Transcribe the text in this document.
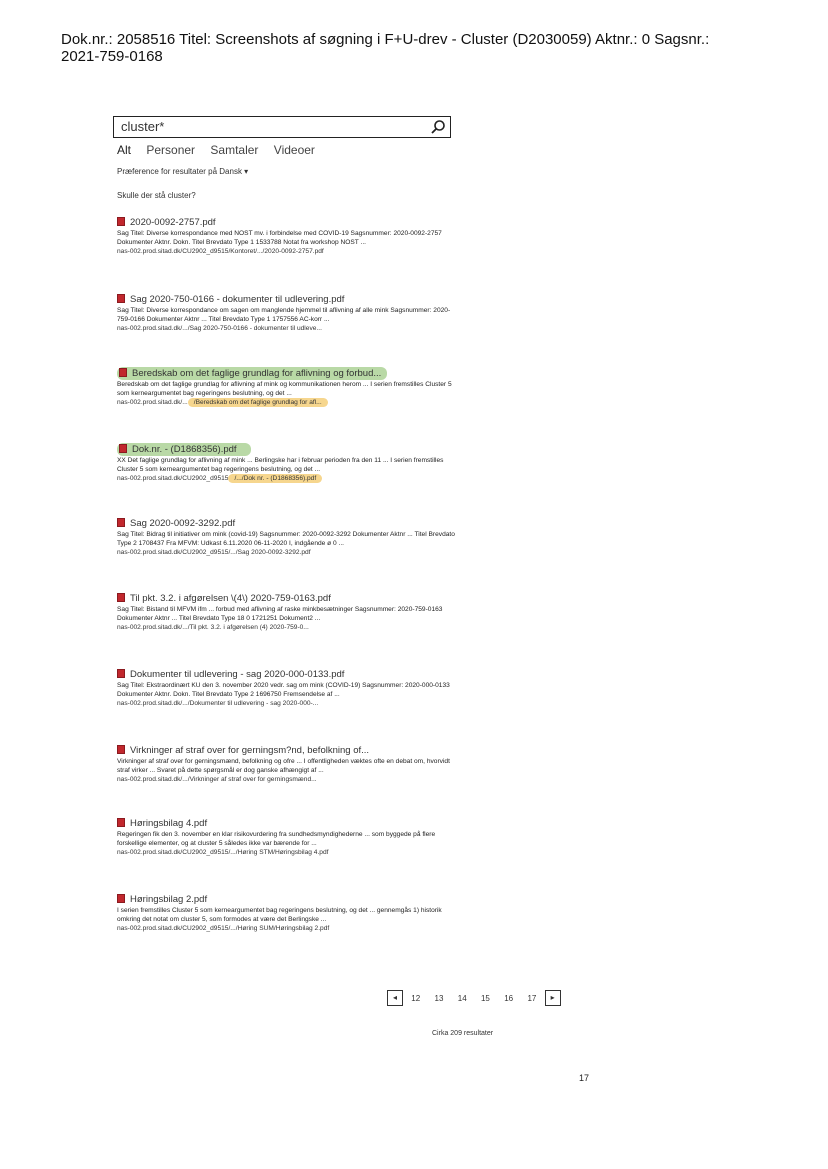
Dok.nr.: 2058516 Titel: Screenshots af søgning i F+U-drev - Cluster (D2030059) Aktnr.: 0 Sagsnr.:
2021-759-0168
cluster*
Alt Personer Samtaler Videoer
Præference for resultater på Dansk ▾
Skulle der stå cluster?
2020-0092-2757.pdf
Sag Titel: Diverse korrespondance med NOST mv. i forbindelse med COVID-19 Sagsnummer: 2020-0092-2757 Dokumenter Aktnr. Dokn. Titel Brevdato Type 1 1533788 Notat fra workshop NOST ...
nas-002.prod.sitad.dk/CU2902_d9515/Kontoret/.../2020-0092-2757.pdf
Sag 2020-750-0166 - dokumenter til udlevering.pdf
Sag Titel: Diverse korrespondance om sagen om manglende hjemmel til aflivning af alle mink Sagsnummer: 2020-759-0166 Dokumenter Aktnr ... Titel Brevdato Type 1 1757556 AC-korr ...
nas-002.prod.sitad.dk/.../Sag 2020-750-0166 - dokumenter til udleve...
Beredskab om det faglige grundlag for aflivning og forbud...
Beredskab om det faglige grundlag for aflivning af mink og kommunikationen herom ... I serien fremstilles Cluster 5 som kerneargumentet bag regeringens beslutning, og det ...
nas-002.prod.sitad.dk/... /Beredskab om det faglige grundlag for afl...
Dok.nr. - (D1868356).pdf
XX Det faglige grundlag for aflivning af mink ... Berlingske har i februar perioden fra den 11 ... I serien fremstilles Cluster 5 som kerneargumentet bag regeringens beslutning, og det ...
nas-002.prod.sitad.dk/CU2902_d9515 /.../Dok nr. - (D1868356).pdf
Sag 2020-0092-3292.pdf
Sag Titel: Bidrag til initiativer om mink (covid-19) Sagsnummer: 2020-0092-3292 Dokumenter Aktnr ... Titel Brevdato Type 2 1708437 Fra MFVM: Udkast 6.11.2020 06-11-2020 I, indgående ø 0 ...
nas-002.prod.sitad.dk/CU2902_d9515/.../Sag 2020-0092-3292.pdf
Til pkt. 3.2. i afgørelsen \(4\) 2020-759-0163.pdf
Sag Titel: Bistand til MFVM ifm ... forbud med aflivning af raske minkbesætninger Sagsnummer: 2020-759-0163 Dokumenter Aktnr ... Titel Brevdato Type 18 0 1721251 Dokument2 ...
nas-002.prod.sitad.dk/.../Til pkt. 3.2. i afgørelsen (4) 2020-759-0...
Dokumenter til udlevering - sag 2020-000-0133.pdf
Sag Titel: Ekstraordinært KU den 3. november 2020 vedr. sag om mink (COVID-19) Sagsnummer: 2020-000-0133 Dokumenter Aktnr. Dokn. Titel Brevdato Type 2 1696750 Fremsendelse af ...
nas-002.prod.sitad.dk/.../Dokumenter til udlevering - sag 2020-000-...
Virkninger af straf over for gerningsm?nd, befolkning of...
Virkninger af straf over for gerningsmænd, befolkning og ofre ... I offentligheden væktes ofte en debat om, hvorvidt straf virker ... Svaret på dette spørgsmål er dog ganske afhængigt af ...
nas-002.prod.sitad.dk/.../Virkninger af straf over for gerningsmænd...
Høringsbilag 4.pdf
Regeringen fik den 3. november en klar risikovurdering fra sundhedsmyndighederne ... som byggede på flere forskellige elementer, og at cluster 5 således ikke var bærende for ...
nas-002.prod.sitad.dk/CU2902_d9515/.../Høring STM/Høringsbilag 4.pdf
Høringsbilag 2.pdf
I serien fremstilles Cluster 5 som kerneargumentet bag regeringens beslutning, og det ... gennemgås 1) historik omkring det notat om cluster 5, som formodes at være det Berlingske ...
nas-002.prod.sitad.dk/CU2902_d9515/.../Høring SUM/Høringsbilag 2.pdf
◂ 12 13 14 15 16 17 ▸
Cirka 209 resultater
17
